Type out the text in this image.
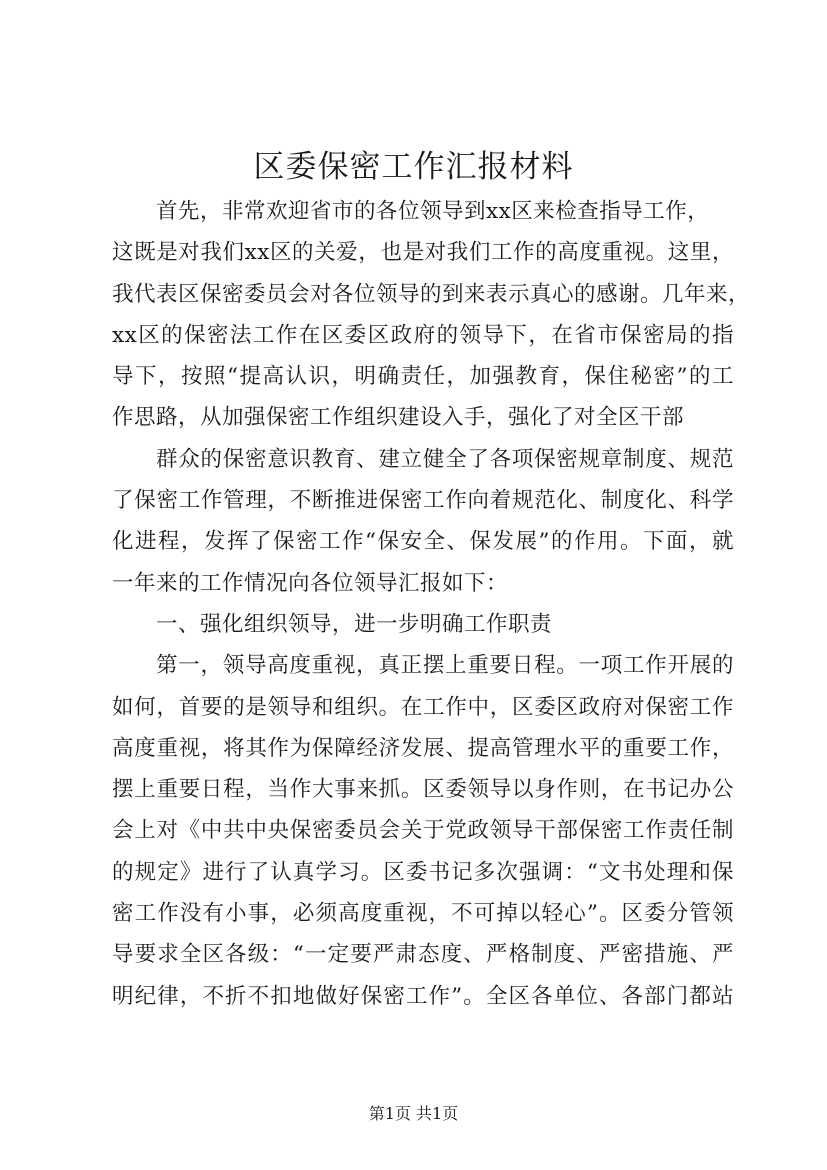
区委保密工作汇报材料
首先，非常欢迎省市的各位领导到xx区来检查指导工作，
这既是对我们xx区的关爱，也是对我们工作的高度重视。这里，
我代表区保密委员会对各位领导的到来表示真心的感谢。几年来，
xx区的保密法工作在区委区政府的领导下，在省市保密局的指
导下，按照“提高认识，明确责任，加强教育，保住秘密”的工
作思路，从加强保密工作组织建设入手，强化了对全区干部
群众的保密意识教育、建立健全了各项保密规章制度、规范
了保密工作管理，不断推进保密工作向着规范化、制度化、科学
化进程，发挥了保密工作“保安全、保发展”的作用。下面，就
一年来的工作情况向各位领导汇报如下：
一、强化组织领导，进一步明确工作职责
第一，领导高度重视，真正摆上重要日程。一项工作开展的
如何，首要的是领导和组织。在工作中，区委区政府对保密工作
高度重视，将其作为保障经济发展、提高管理水平的重要工作，
摆上重要日程，当作大事来抓。区委领导以身作则，在书记办公
会上对《中共中央保密委员会关于党政领导干部保密工作责任制
的规定》进行了认真学习。区委书记多次强调：“文书处理和保
密工作没有小事，必须高度重视，不可掉以轻心”。区委分管领
导要求全区各级：“一定要严肃态度、严格制度、严密措施、严
明纪律，不折不扣地做好保密工作”。全区各单位、各部门都站
第1页 共1页
